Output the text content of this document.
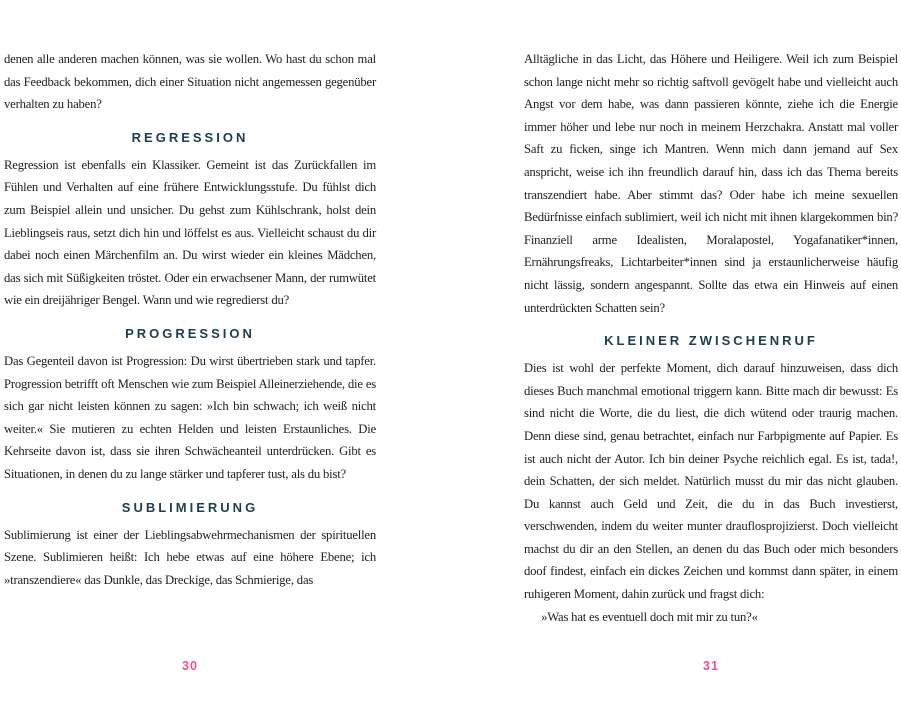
denen alle anderen machen können, was sie wollen. Wo hast du schon mal das Feedback bekommen, dich einer Situation nicht angemessen gegenüber verhalten zu haben?

REGRESSION

Regression ist ebenfalls ein Klassiker. Gemeint ist das Zurückfallen im Fühlen und Verhalten auf eine frühere Entwicklungsstufe. Du fühlst dich zum Beispiel allein und unsicher. Du gehst zum Kühlschrank, holst dein Lieblingseis raus, setzt dich hin und löffelst es aus. Vielleicht schaust du dir dabei noch einen Märchenfilm an. Du wirst wieder ein kleines Mädchen, das sich mit Süßigkeiten tröstet. Oder ein erwachsener Mann, der rumwütet wie ein dreijähriger Bengel. Wann und wie regredierst du?

PROGRESSION

Das Gegenteil davon ist Progression: Du wirst übertrieben stark und tapfer. Progression betrifft oft Menschen wie zum Beispiel Alleinerziehende, die es sich gar nicht leisten können zu sagen: »Ich bin schwach; ich weiß nicht weiter.« Sie mutieren zu echten Helden und leisten Erstaunliches. Die Kehrseite davon ist, dass sie ihren Schwächeanteil unterdrücken. Gibt es Situationen, in denen du zu lange stärker und tapferer tust, als du bist?

SUBLIMIERUNG

Sublimierung ist einer der Lieblingsabwehrmechanismen der spirituellen Szene. Sublimieren heißt: Ich hebe etwas auf eine höhere Ebene; ich »transzendiere« das Dunkle, das Dreckige, das Schmierige, das

30

Alltägliche in das Licht, das Höhere und Heiligere. Weil ich zum Beispiel schon lange nicht mehr so richtig saftvoll gevögelt habe und vielleicht auch Angst vor dem habe, was dann passieren könnte, ziehe ich die Energie immer höher und lebe nur noch in meinem Herzchakra. Anstatt mal voller Saft zu ficken, singe ich Mantren. Wenn mich dann jemand auf Sex anspricht, weise ich ihn freundlich darauf hin, dass ich das Thema bereits transzendiert habe. Aber stimmt das? Oder habe ich meine sexuellen Bedürfnisse einfach sublimiert, weil ich nicht mit ihnen klargekommen bin? Finanziell arme Idealisten, Moralapostel, Yogafanatiker*innen, Ernährungsfreaks, Lichtarbeiter*innen sind ja erstaunlicherweise häufig nicht lässig, sondern angespannt. Sollte das etwa ein Hinweis auf einen unterdrückten Schatten sein?

KLEINER ZWISCHENRUF

Dies ist wohl der perfekte Moment, dich darauf hinzuweisen, dass dich dieses Buch manchmal emotional triggern kann. Bitte mach dir bewusst: Es sind nicht die Worte, die du liest, die dich wütend oder traurig machen. Denn diese sind, genau betrachtet, einfach nur Farbpigmente auf Papier. Es ist auch nicht der Autor. Ich bin deiner Psyche reichlich egal. Es ist, tada!, dein Schatten, der sich meldet. Natürlich musst du mir das nicht glauben. Du kannst auch Geld und Zeit, die du in das Buch investierst, verschwenden, indem du weiter munter drauflosprojizierst. Doch vielleicht machst du dir an den Stellen, an denen du das Buch oder mich besonders doof findest, einfach ein dickes Zeichen und kommst dann später, in einem ruhigeren Moment, dahin zurück und fragst dich:

»Was hat es eventuell doch mit mir zu tun?«

31
